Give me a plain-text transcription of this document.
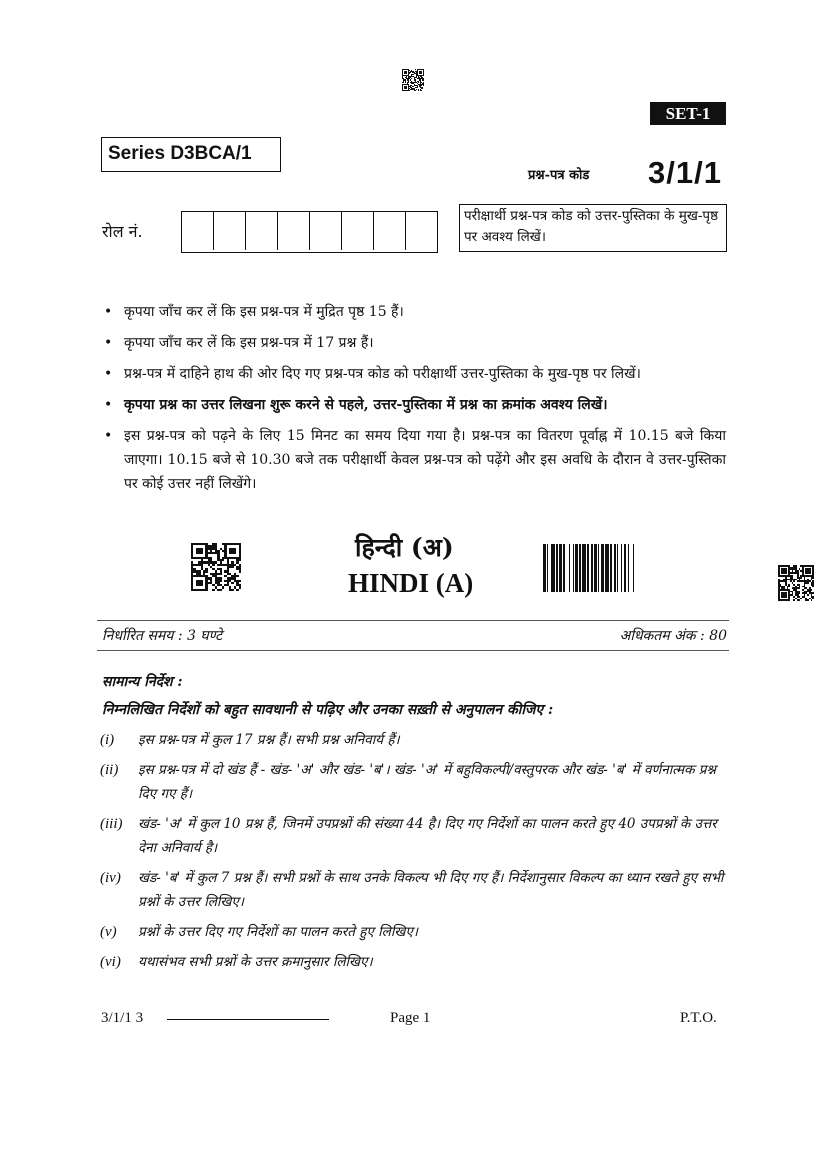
SET-1
Series D3BCA/1
प्रश्न-पत्र कोड 3/1/1
रोल नं.
परीक्षार्थी प्रश्न-पत्र कोड को उत्तर-पुस्तिका के मुख-पृष्ठ पर अवश्य लिखें।
• कृपया जाँच कर लें कि इस प्रश्न-पत्र में मुद्रित पृष्ठ 15 हैं।
• कृपया जाँच कर लें कि इस प्रश्न-पत्र में 17 प्रश्न हैं।
• प्रश्न-पत्र में दाहिने हाथ की ओर दिए गए प्रश्न-पत्र कोड को परीक्षार्थी उत्तर-पुस्तिका के मुख-पृष्ठ पर लिखें।
• कृपया प्रश्न का उत्तर लिखना शुरू करने से पहले, उत्तर-पुस्तिका में प्रश्न का क्रमांक अवश्य लिखें।
• इस प्रश्न-पत्र को पढ़ने के लिए 15 मिनट का समय दिया गया है। प्रश्न-पत्र का वितरण पूर्वाह्न में 10.15 बजे किया जाएगा। 10.15 बजे से 10.30 बजे तक परीक्षार्थी केवल प्रश्न-पत्र को पढ़ेंगे और इस अवधि के दौरान वे उत्तर-पुस्तिका पर कोई उत्तर नहीं लिखेंगे।
हिन्दी (अ)
HINDI (A)
निर्धारित समय : 3 घण्टे	अधिकतम अंक : 80
सामान्य निर्देश :
निम्नलिखित निर्देशों को बहुत सावधानी से पढ़िए और उनका सख़्ती से अनुपालन कीजिए :
(i)	इस प्रश्न-पत्र में कुल 17 प्रश्न हैं। सभी प्रश्न अनिवार्य हैं।
(ii)	इस प्रश्न-पत्र में दो खंड हैं - खंड- 'अ' और खंड- 'ब'। खंड- 'अ' में बहुविकल्पी/वस्तुपरक और खंड- 'ब' में वर्णनात्मक प्रश्न दिए गए हैं।
(iii)	खंड- 'अ' में कुल 10 प्रश्न हैं, जिनमें उपप्रश्नों की संख्या 44 है। दिए गए निर्देशों का पालन करते हुए 40 उपप्रश्नों के उत्तर देना अनिवार्य है।
(iv)	खंड- 'ब' में कुल 7 प्रश्न हैं। सभी प्रश्नों के साथ उनके विकल्प भी दिए गए हैं। निर्देशानुसार विकल्प का ध्यान रखते हुए सभी प्रश्नों के उत्तर लिखिए।
(v)	प्रश्नों के उत्तर दिए गए निर्देशों का पालन करते हुए लिखिए।
(vi)	यथासंभव सभी प्रश्नों के उत्तर क्रमानुसार लिखिए।
3/1/1 3	Page 1	P.T.O.
